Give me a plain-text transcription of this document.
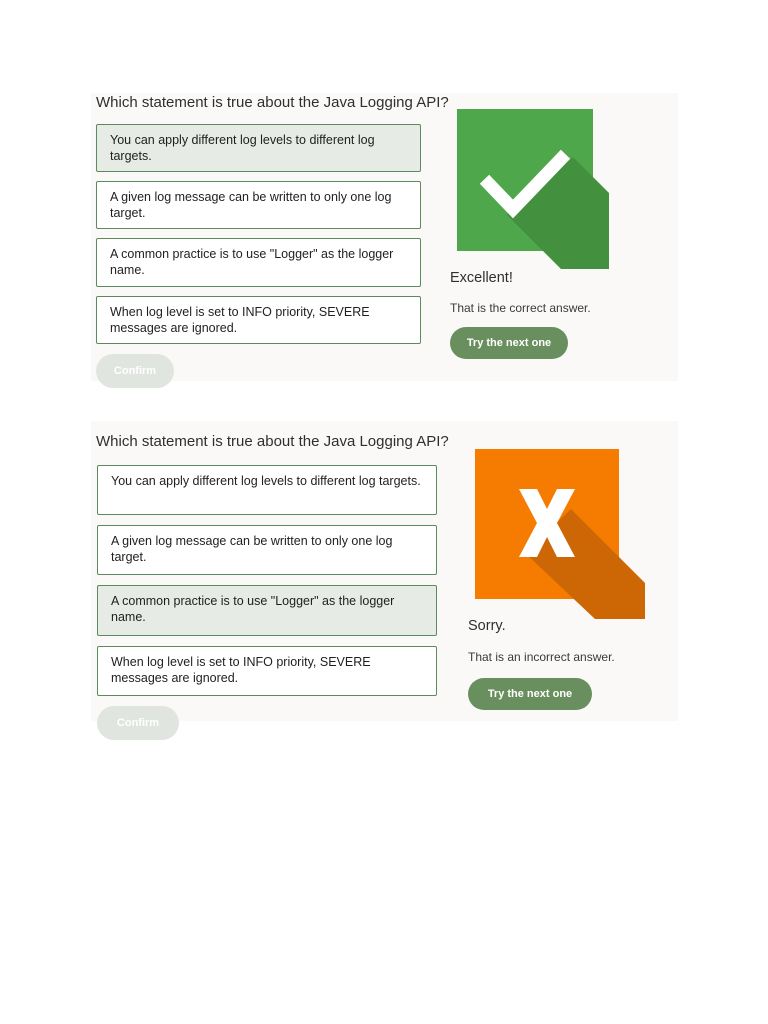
Which statement is true about the Java Logging API?
You can apply different log levels to different log targets.
A given log message can be written to only one log target.
A common practice is to use "Logger" as the logger name.
When log level is set to INFO priority, SEVERE messages are ignored.
Confirm
Excellent!
That is the correct answer.
Try the next one
Which statement is true about the Java Logging API?
You can apply different log levels to different log targets.
A given log message can be written to only one log target.
A common practice is to use "Logger" as the logger name.
When log level is set to INFO priority, SEVERE messages are ignored.
Confirm
Sorry.
That is an incorrect answer.
Try the next one
